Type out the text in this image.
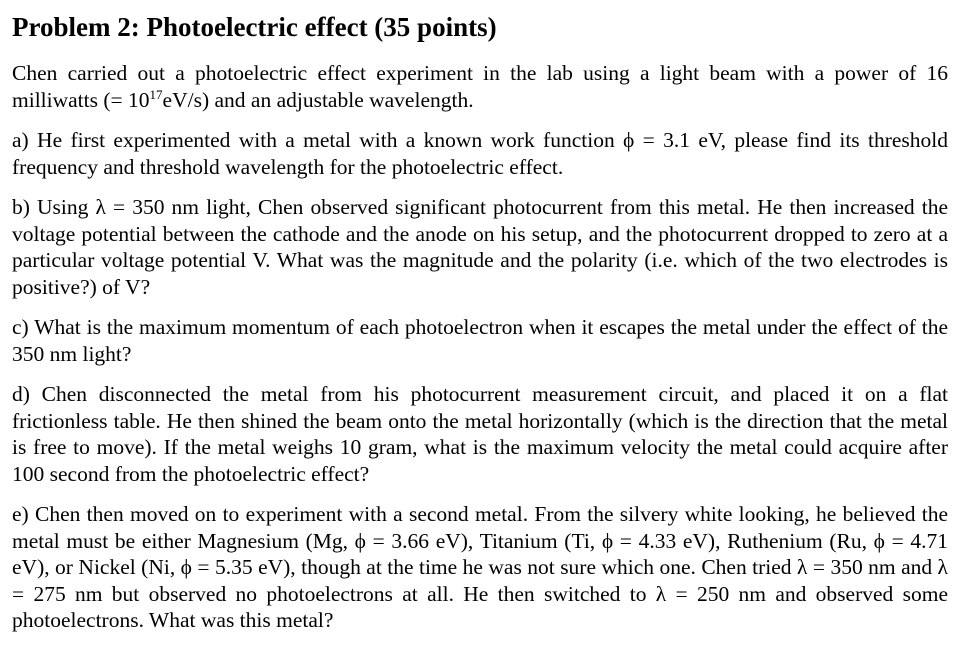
Problem 2: Photoelectric effect (35 points)

Chen carried out a photoelectric effect experiment in the lab using a light beam with a power of 16 milliwatts (= $10^{17}eV/s$) and an adjustable wavelength.

a) He first experimented with a metal with a known work function ϕ = 3.1 eV, please find its threshold frequency and threshold wavelength for the photoelectric effect.

b) Using λ = 350 nm light, Chen observed significant photocurrent from this metal. He then increased the voltage potential between the cathode and the anode on his setup, and the photocurrent dropped to zero at a particular voltage potential V. What was the magnitude and the polarity (i.e. which of the two electrodes is positive?) of V?

c) What is the maximum momentum of each photoelectron when it escapes the metal under the effect of the 350 nm light?

d) Chen disconnected the metal from his photocurrent measurement circuit, and placed it on a flat frictionless table. He then shined the beam onto the metal horizontally (which is the direction that the metal is free to move). If the metal weighs 10 gram, what is the maximum velocity the metal could acquire after 100 second from the photoelectric effect?

e) Chen then moved on to experiment with a second metal. From the silvery white looking, he believed the metal must be either Magnesium (Mg, ϕ = 3.66 eV), Titanium (Ti, ϕ = 4.33 eV), Ruthenium (Ru, ϕ = 4.71 eV), or Nickel (Ni, ϕ = 5.35 eV), though at the time he was not sure which one. Chen tried λ = 350 nm and λ = 275 nm but observed no photoelectrons at all. He then switched to λ = 250 nm and observed some photoelectrons. What was this metal?
